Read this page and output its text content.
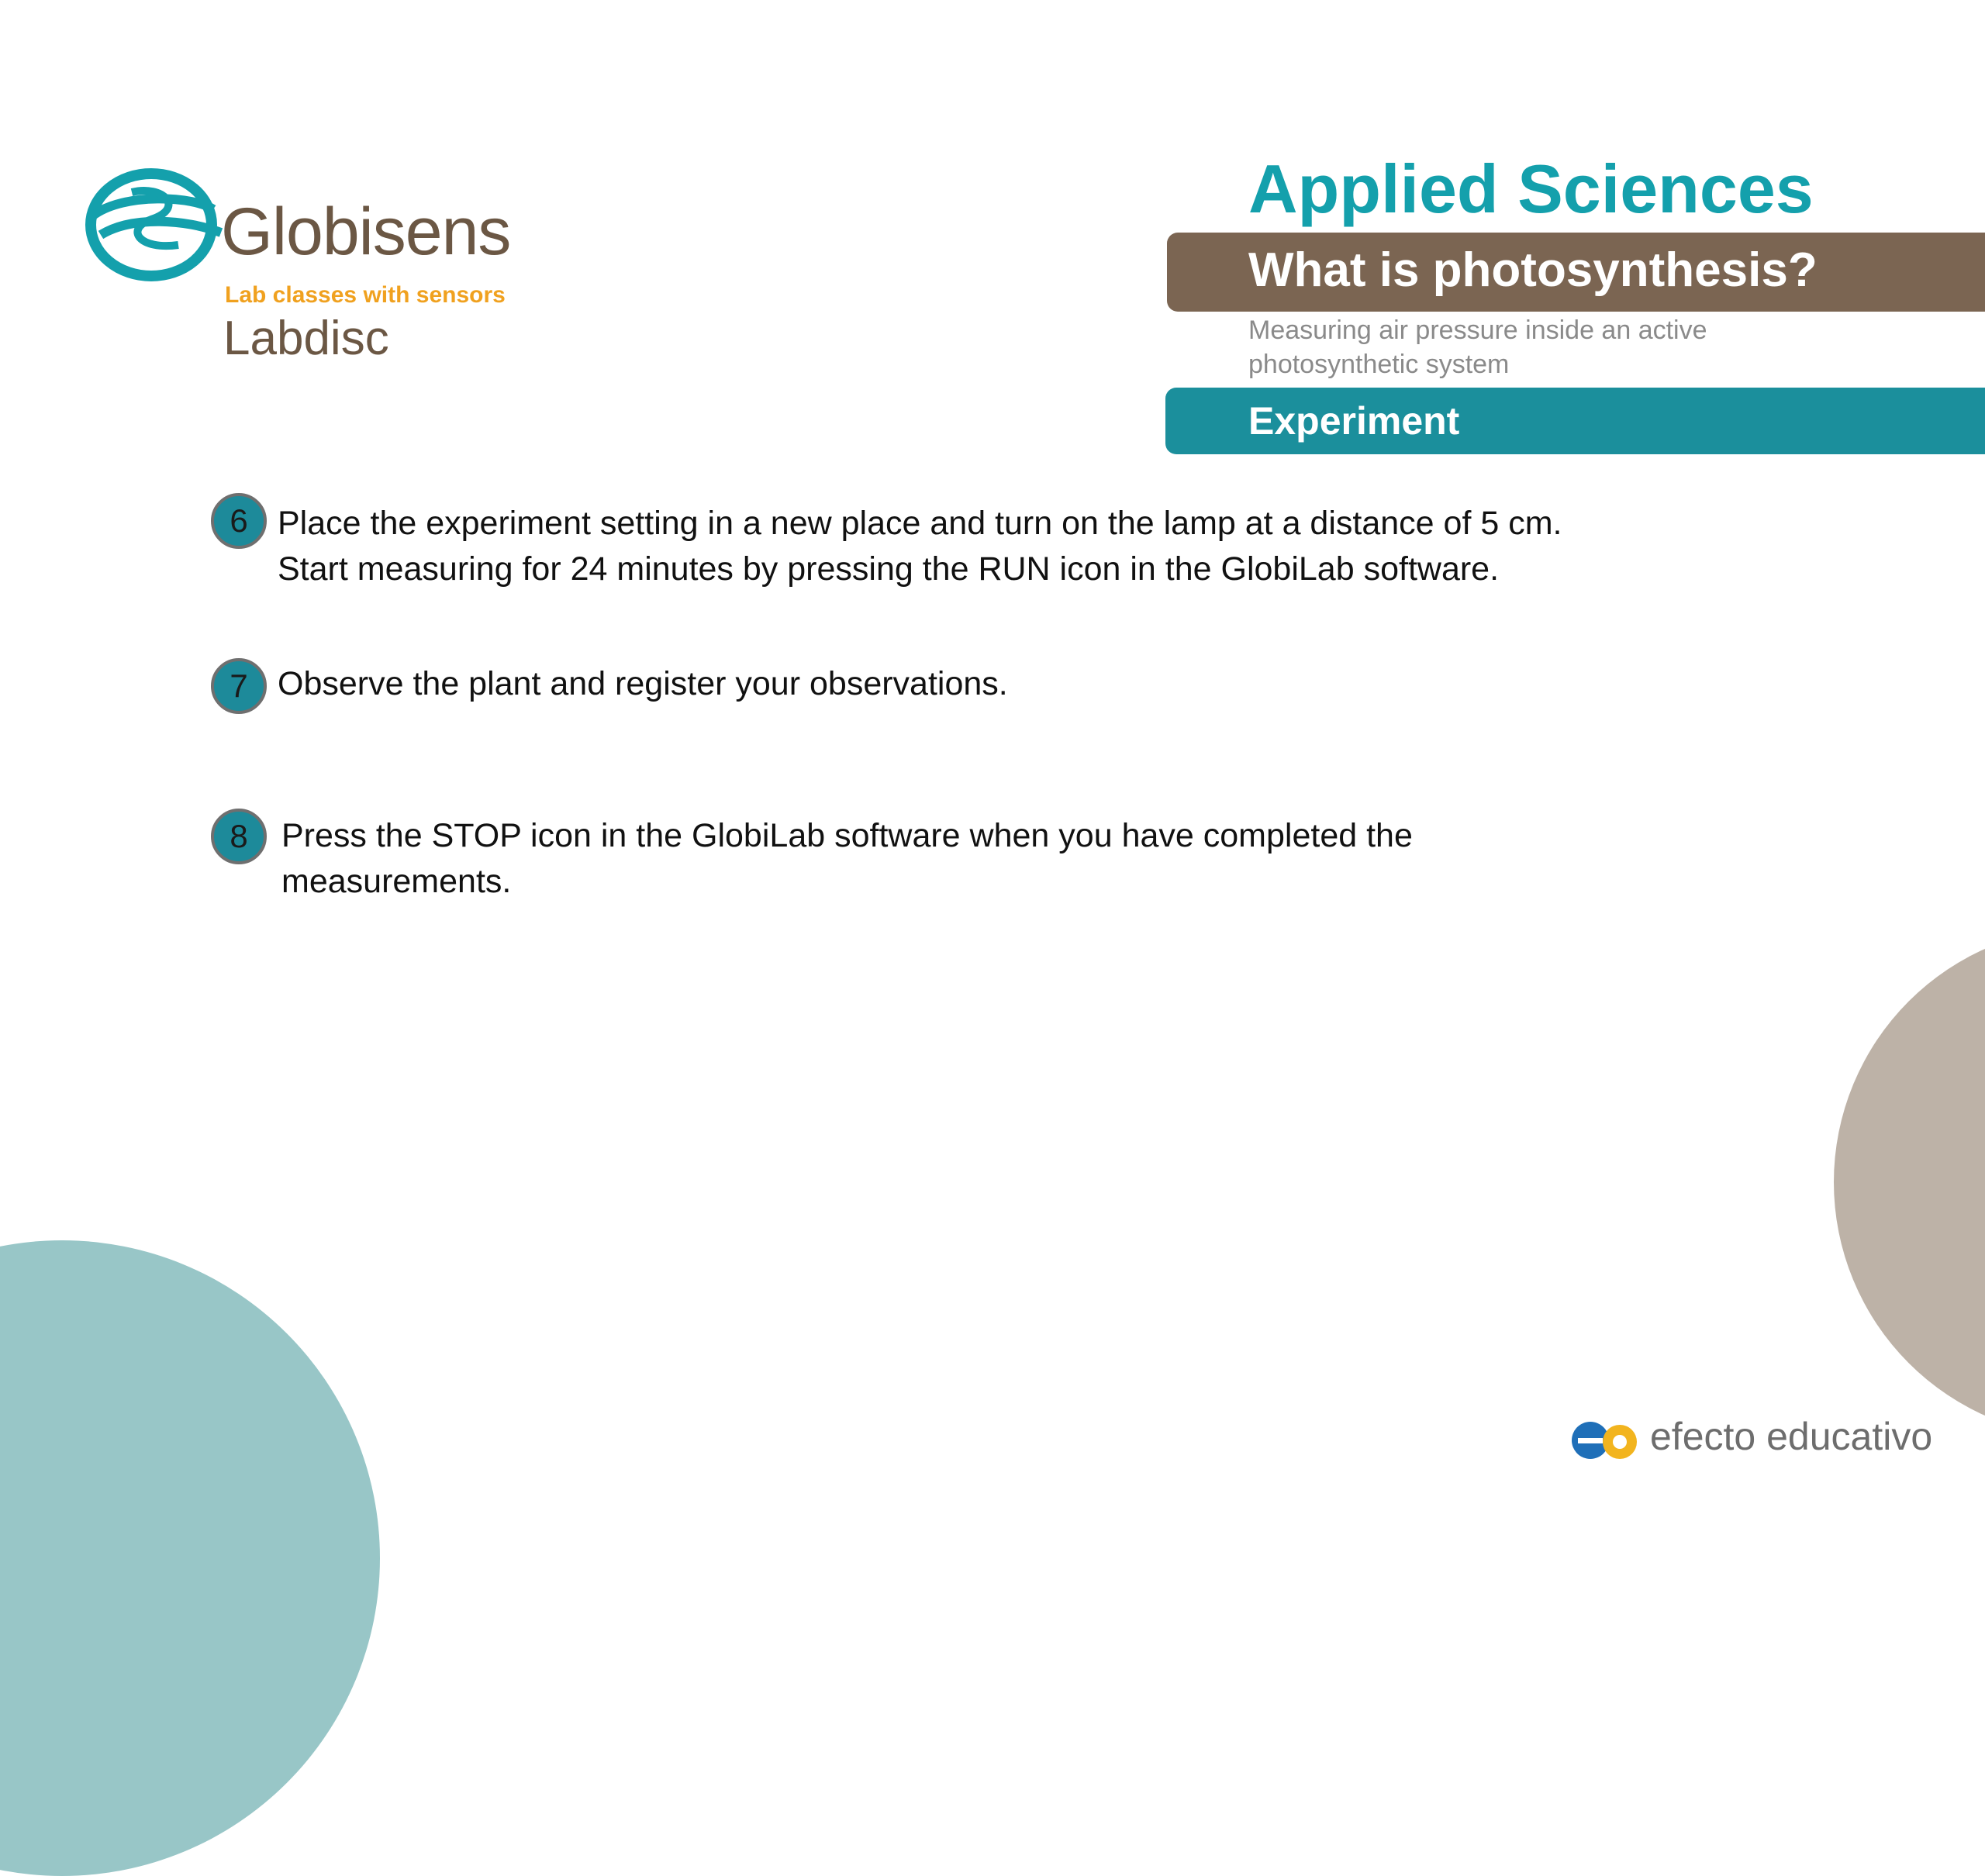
Globisens
Lab classes with sensors
Labdisc
Applied Sciences
What is photosynthesis?
Measuring air pressure inside an active
photosynthetic system
Experiment
6 Place the experiment setting in a new place and turn on the lamp at a distance of 5 cm.
Start measuring for 24 minutes by pressing the RUN icon in the GlobiLab software.
7 Observe the plant and register your observations.
8	Press the STOP icon in the GlobiLab software when you have completed the
measurements.
efecto educativo
